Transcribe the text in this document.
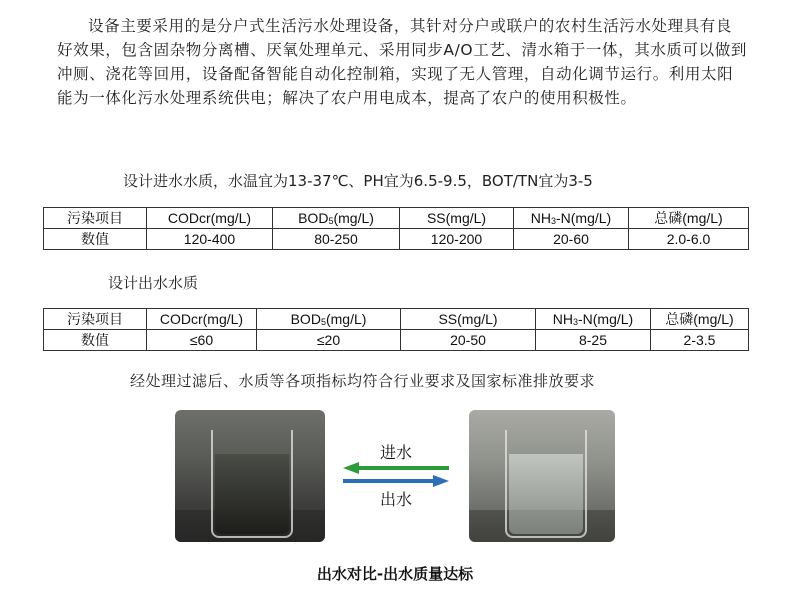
设备主要采用的是分户式生活污水处理设备，其针对分户或联户的农村生活污水处理具有良好效果，包含固杂物分离槽、厌氧处理单元、采用同步A/O工艺、清水箱于一体，其水质可以做到冲厕、浇花等回用，设备配备智能自动化控制箱，实现了无人管理，自动化调节运行。利用太阳能为一体化污水处理系统供电；解决了农户用电成本，提高了农户的使用积极性。

设计进水水质，水温宜为13-37℃、PH宜为6.5-9.5，BOT/TN宜为3-5
污染项目	CODcr(mg/L)	$BOD_5(mg/L)$	SS(mg/L)	$NH_3-N(mg/L)$	总磷(mg/L)
数值	120-400	80-250	120-200	20-60	2.0-6.0
设计出水水质
污染项目	CODcr(mg/L)	$BOD_5(mg/L)$	SS(mg/L)	$NH_3-N(mg/L)$	总磷(mg/L)
数值	≤60	≤20	20-50	8-25	2-3.5
经处理过滤后、水质等各项指标均符合行业要求及国家标准排放要求
进水
出水
出水对比-出水质量达标
